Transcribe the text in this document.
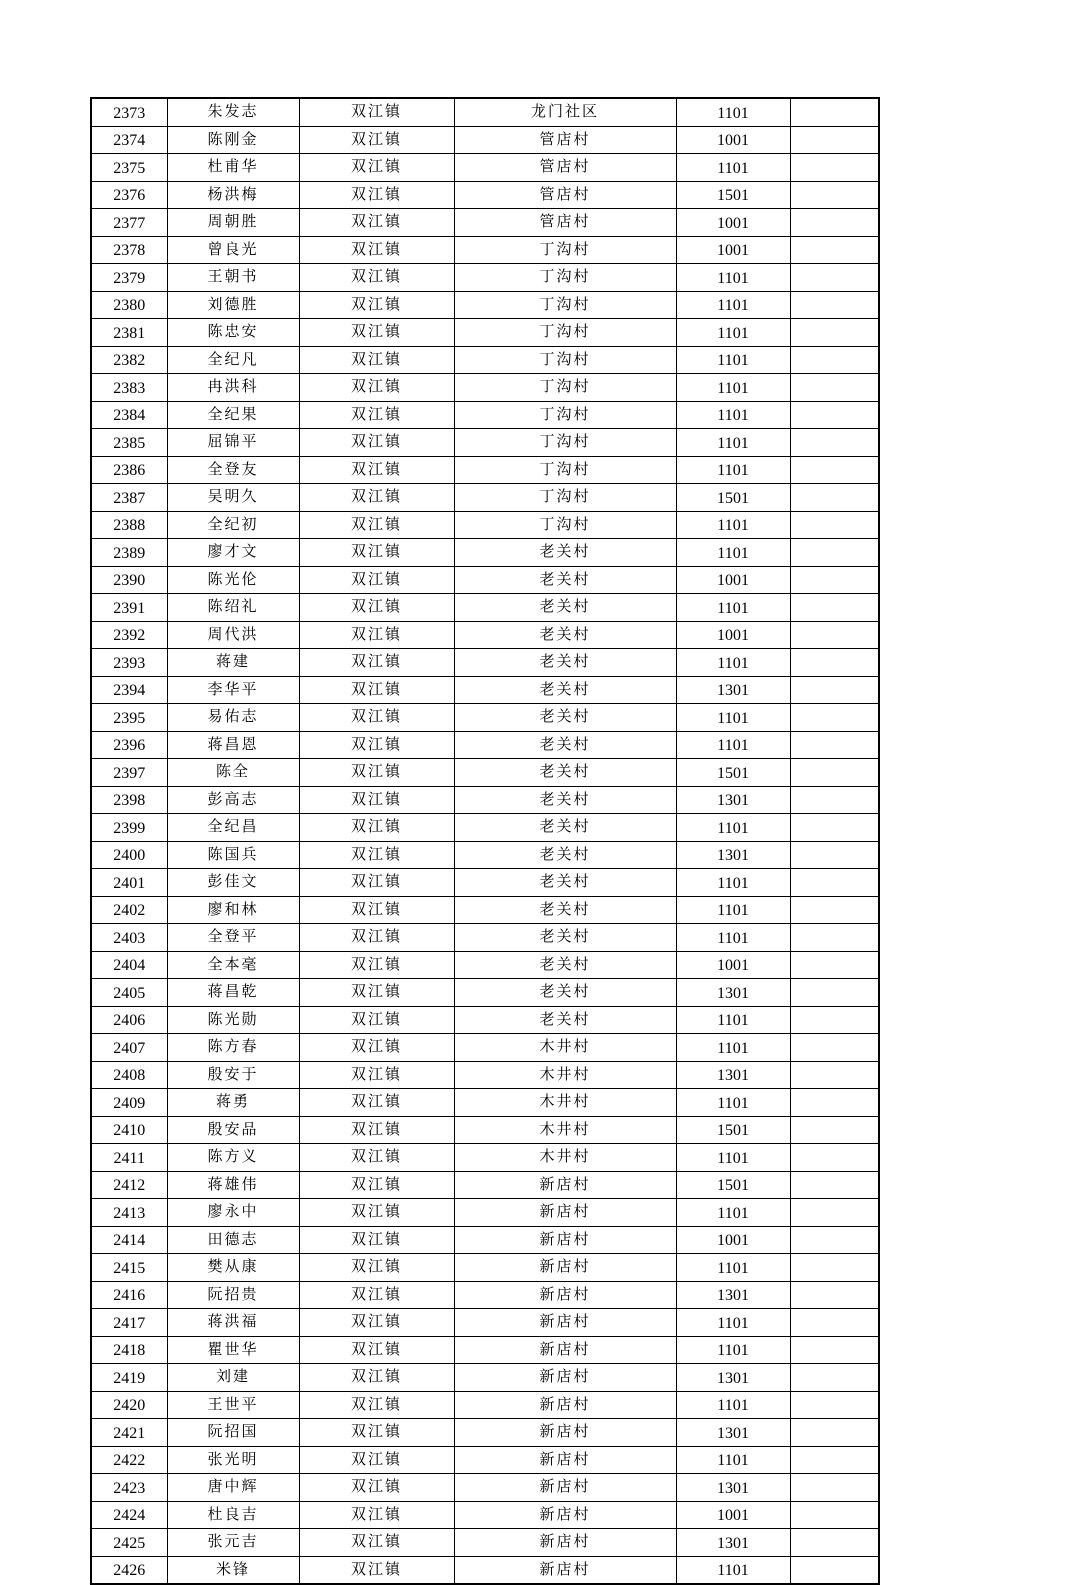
2373	朱发志	双江镇	龙门社区	1101	
2374	陈刚金	双江镇	管店村	1001	
2375	杜甫华	双江镇	管店村	1101	
2376	杨洪梅	双江镇	管店村	1501	
2377	周朝胜	双江镇	管店村	1001	
2378	曾良光	双江镇	丁沟村	1001	
2379	王朝书	双江镇	丁沟村	1101	
2380	刘德胜	双江镇	丁沟村	1101	
2381	陈忠安	双江镇	丁沟村	1101	
2382	全纪凡	双江镇	丁沟村	1101	
2383	冉洪科	双江镇	丁沟村	1101	
2384	全纪果	双江镇	丁沟村	1101	
2385	屈锦平	双江镇	丁沟村	1101	
2386	全登友	双江镇	丁沟村	1101	
2387	吴明久	双江镇	丁沟村	1501	
2388	全纪初	双江镇	丁沟村	1101	
2389	廖才文	双江镇	老关村	1101	
2390	陈光伦	双江镇	老关村	1001	
2391	陈绍礼	双江镇	老关村	1101	
2392	周代洪	双江镇	老关村	1001	
2393	蒋建	双江镇	老关村	1101	
2394	李华平	双江镇	老关村	1301	
2395	易佑志	双江镇	老关村	1101	
2396	蒋昌恩	双江镇	老关村	1101	
2397	陈全	双江镇	老关村	1501	
2398	彭高志	双江镇	老关村	1301	
2399	全纪昌	双江镇	老关村	1101	
2400	陈国兵	双江镇	老关村	1301	
2401	彭佳文	双江镇	老关村	1101	
2402	廖和林	双江镇	老关村	1101	
2403	全登平	双江镇	老关村	1101	
2404	全本毫	双江镇	老关村	1001	
2405	蒋昌乾	双江镇	老关村	1301	
2406	陈光勋	双江镇	老关村	1101	
2407	陈方春	双江镇	木井村	1101	
2408	殷安于	双江镇	木井村	1301	
2409	蒋勇	双江镇	木井村	1101	
2410	殷安品	双江镇	木井村	1501	
2411	陈方义	双江镇	木井村	1101	
2412	蒋雄伟	双江镇	新店村	1501	
2413	廖永中	双江镇	新店村	1101	
2414	田德志	双江镇	新店村	1001	
2415	樊从康	双江镇	新店村	1101	
2416	阮招贵	双江镇	新店村	1301	
2417	蒋洪福	双江镇	新店村	1101	
2418	瞿世华	双江镇	新店村	1101	
2419	刘建	双江镇	新店村	1301	
2420	王世平	双江镇	新店村	1101	
2421	阮招国	双江镇	新店村	1301	
2422	张光明	双江镇	新店村	1101	
2423	唐中辉	双江镇	新店村	1301	
2424	杜良吉	双江镇	新店村	1001	
2425	张元吉	双江镇	新店村	1301	
2426	米锋	双江镇	新店村	1101	
